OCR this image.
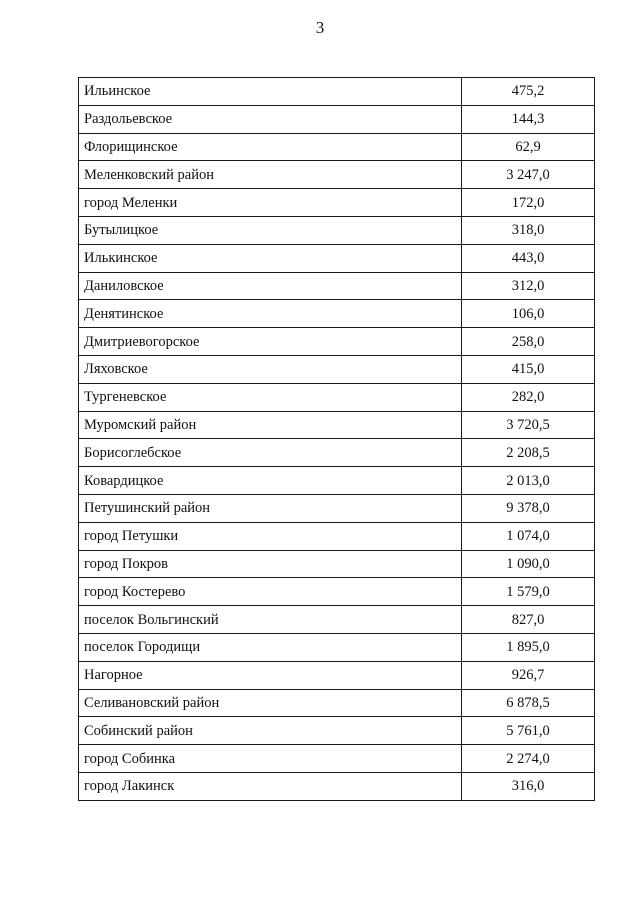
3
Ильинское	475,2
Раздольевское	144,3
Флорищинское	62,9
Меленковский район	3 247,0
город Меленки	172,0
Бутылицкое	318,0
Илькинское	443,0
Даниловское	312,0
Денятинское	106,0
Дмитриевогорское	258,0
Ляховское	415,0
Тургеневское	282,0
Муромский район	3 720,5
Борисоглебское	2 208,5
Ковардицкое	2 013,0
Петушинский район	9 378,0
город Петушки	1 074,0
город Покров	1 090,0
город Костерево	1 579,0
поселок Вольгинский	827,0
поселок Городищи	1 895,0
Нагорное	926,7
Селивановский район	6 878,5
Собинский район	5 761,0
город Собинка	2 274,0
город Лакинск	316,0
